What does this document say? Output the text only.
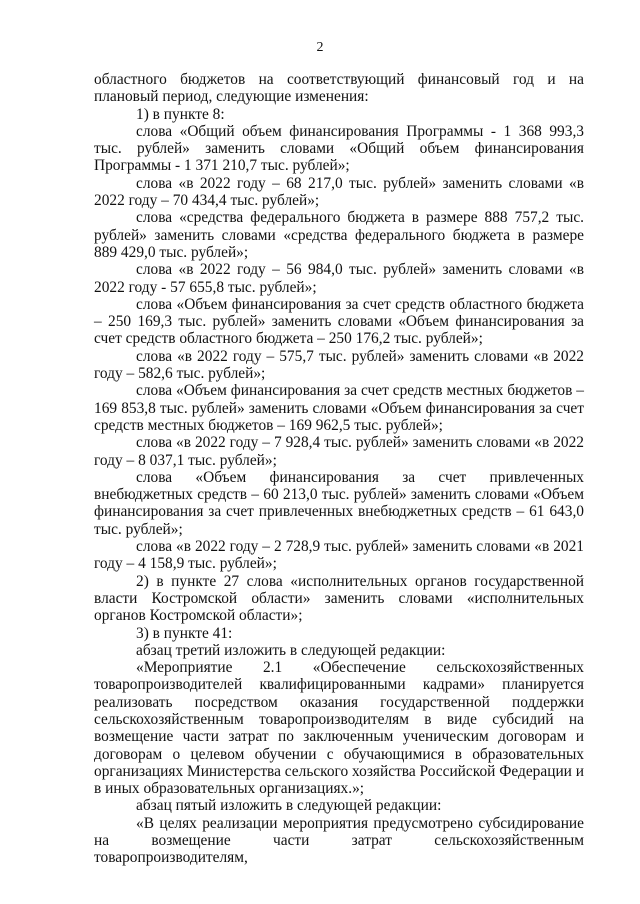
2

областного бюджетов на соответствующий финансовый год и на плановый период, следующие изменения:

1) в пункте 8:

слова «Общий объем финансирования Программы - 1 368 993,3 тыс. рублей» заменить словами «Общий объем финансирования Программы - 1 371 210,7 тыс. рублей»;

слова «в 2022 году – 68 217,0 тыс. рублей» заменить словами «в 2022 году – 70 434,4 тыс. рублей»;

слова «средства федерального бюджета в размере 888 757,2 тыс. рублей» заменить словами «средства федерального бюджета в размере 889 429,0 тыс. рублей»;

слова «в 2022 году – 56 984,0 тыс. рублей» заменить словами «в 2022 году - 57 655,8 тыс. рублей»;

слова «Объем финансирования за счет средств областного бюджета – 250 169,3 тыс. рублей» заменить словами «Объем финансирования за счет средств областного бюджета – 250 176,2 тыс. рублей»;

слова «в 2022 году – 575,7 тыс. рублей» заменить словами «в 2022 году – 582,6 тыс. рублей»;

слова «Объем финансирования за счет средств местных бюджетов – 169 853,8 тыс. рублей» заменить словами «Объем финансирования за счет средств местных бюджетов – 169 962,5 тыс. рублей»;

слова «в 2022 году – 7 928,4 тыс. рублей» заменить словами «в 2022 году – 8 037,1 тыс. рублей»;

слова «Объем финансирования за счет привлеченных внебюджетных средств – 60 213,0 тыс. рублей» заменить словами «Объем финансирования за счет привлеченных внебюджетных средств – 61 643,0 тыс. рублей»;

слова «в 2022 году – 2 728,9 тыс. рублей» заменить словами «в 2021 году – 4 158,9 тыс. рублей»;

2) в пункте 27 слова «исполнительных органов государственной власти Костромской области» заменить словами «исполнительных органов Костромской области»;

3) в пункте 41:

абзац третий изложить в следующей редакции:

«Мероприятие 2.1 «Обеспечение сельскохозяйственных товаропроизводителей квалифицированными кадрами» планируется реализовать посредством оказания государственной поддержки сельскохозяйственным товаропроизводителям в виде субсидий на возмещение части затрат по заключенным ученическим договорам и договорам о целевом обучении с обучающимися в образовательных организациях Министерства сельского хозяйства Российской Федерации и в иных образовательных организациях.»;

абзац пятый изложить в следующей редакции:

«В целях реализации мероприятия предусмотрено субсидирование на возмещение части затрат сельскохозяйственным товаропроизводителям,
